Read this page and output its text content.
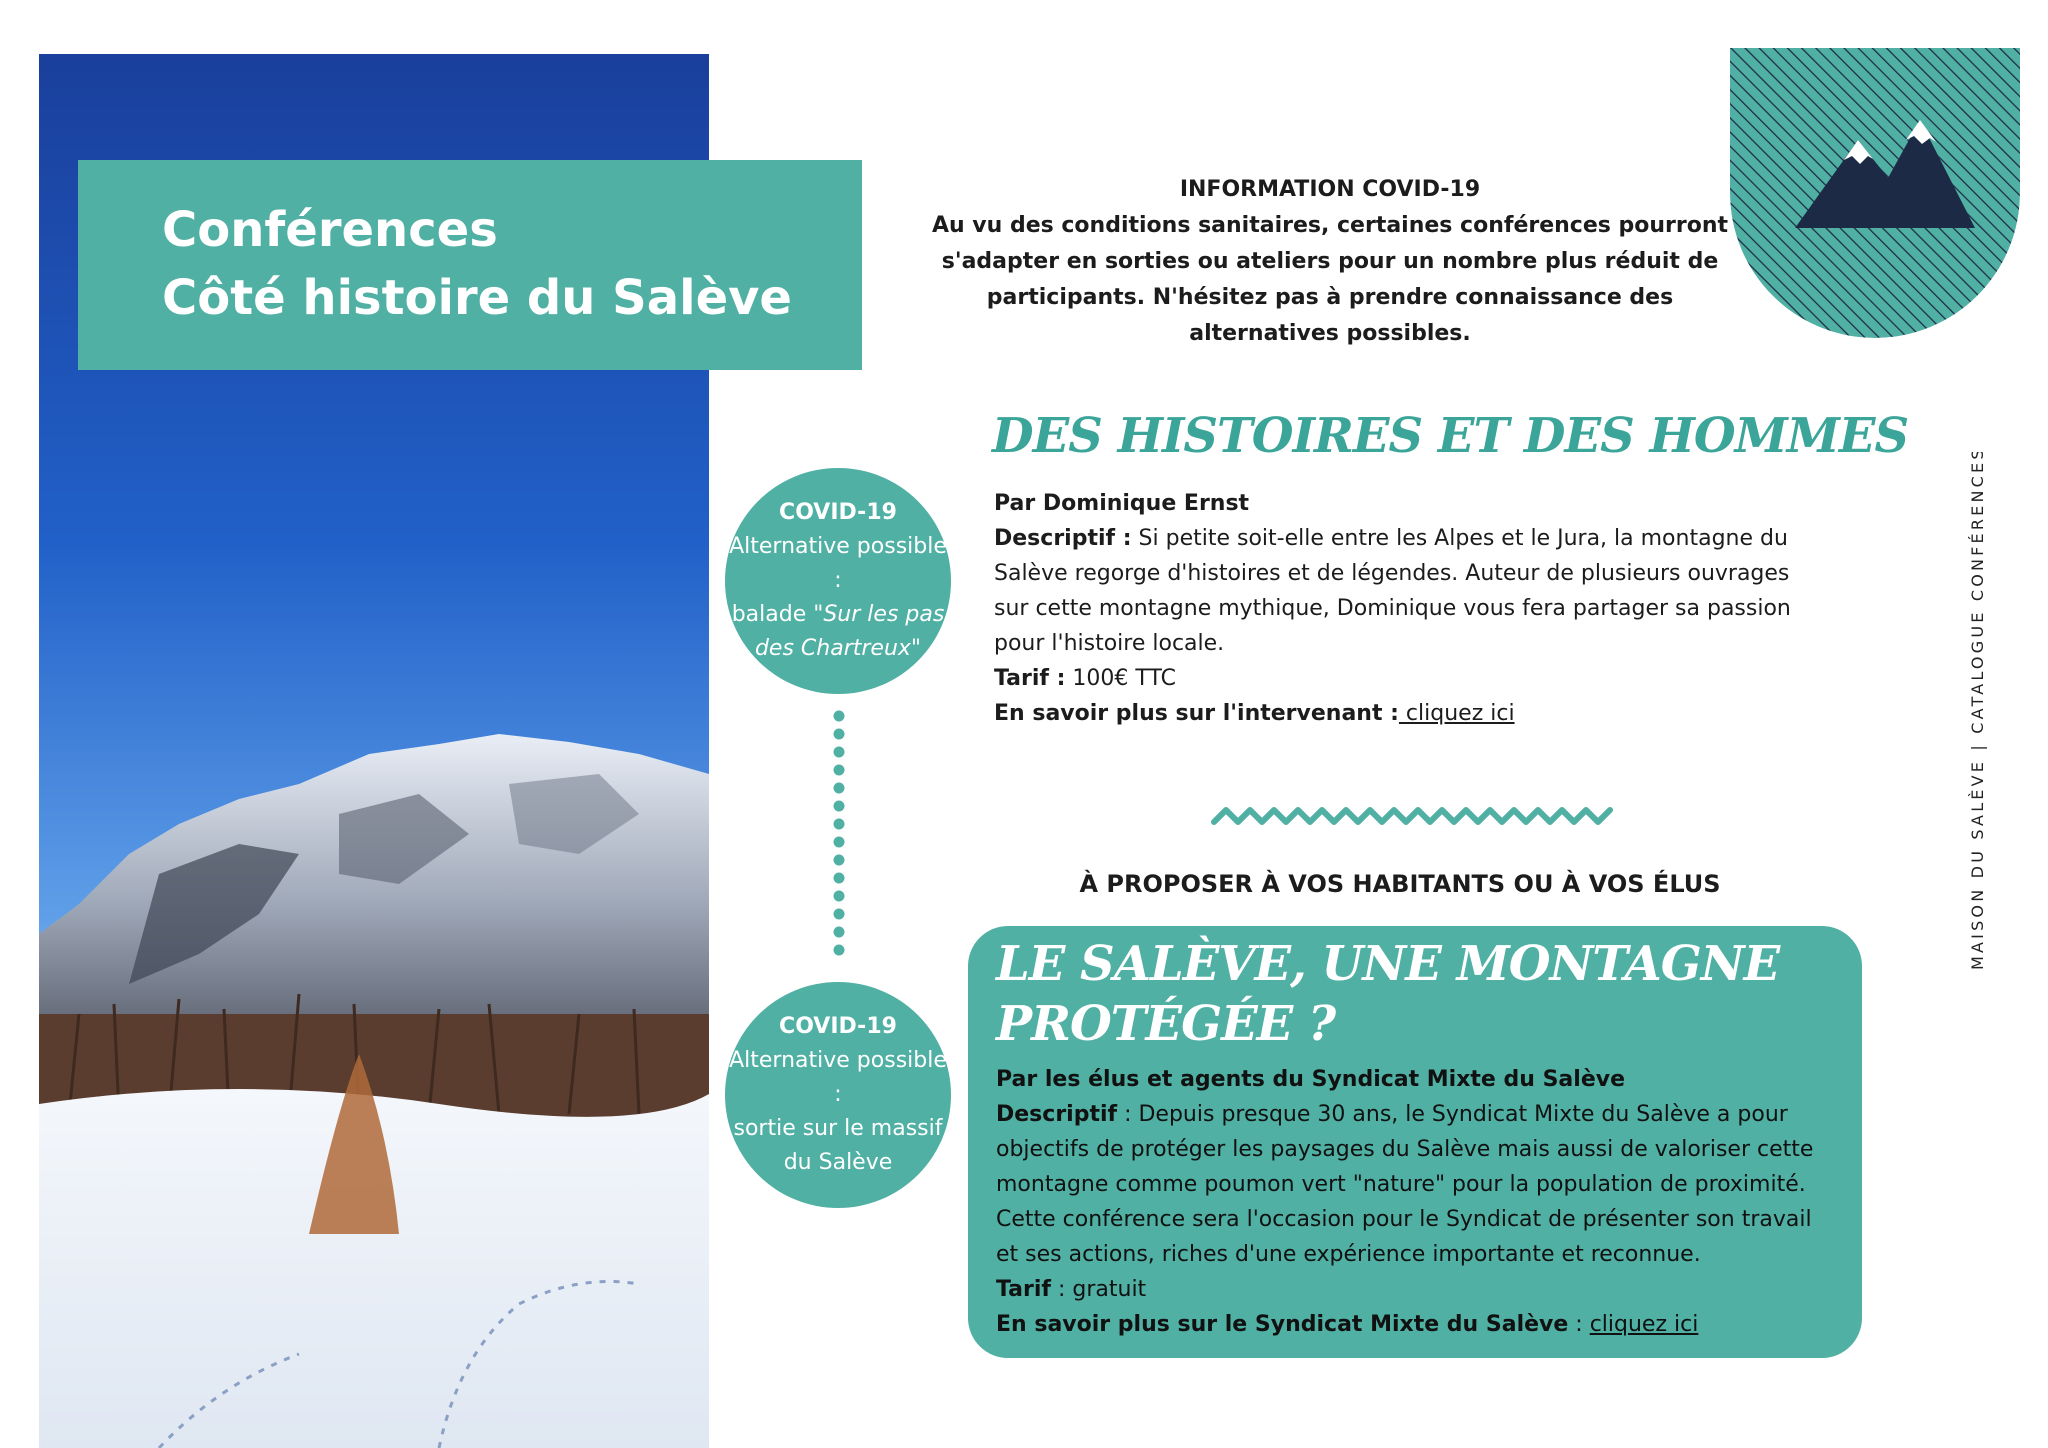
Conférences
Côté histoire du Salève
INFORMATION COVID-19
Au vu des conditions sanitaires, certaines conférences pourront
s'adapter en sorties ou ateliers pour un nombre plus réduit de
participants. N'hésitez pas à prendre connaissance des
alternatives possibles.
DES HISTOIRES ET DES HOMMES
Par Dominique Ernst
Descriptif : Si petite soit-elle entre les Alpes et le Jura, la montagne du
Salève regorge d'histoires et de légendes. Auteur de plusieurs ouvrages
sur cette montagne mythique, Dominique vous fera partager sa passion
pour l'histoire locale.
Tarif : 100€ TTC
En savoir plus sur l'intervenant : cliquez ici
COVID-19
Alternative possible :
balade "Sur les pas
des Chartreux"
À PROPOSER À VOS HABITANTS OU À VOS ÉLUS
LE SALÈVE, UNE MONTAGNE
PROTÉGÉE ?
Par les élus et agents du Syndicat Mixte du Salève
Descriptif : Depuis presque 30 ans, le Syndicat Mixte du Salève a pour
objectifs de protéger les paysages du Salève mais aussi de valoriser cette
montagne comme poumon vert "nature" pour la population de proximité.
Cette conférence sera l'occasion pour le Syndicat de présenter son travail
et ses actions, riches d'une expérience importante et reconnue.
Tarif : gratuit
En savoir plus sur le Syndicat Mixte du Salève : cliquez ici
COVID-19
Alternative possible :
sortie sur le massif
du Salève
MAISON DU SALÈVE | CATALOGUE CONFÉRENCES
